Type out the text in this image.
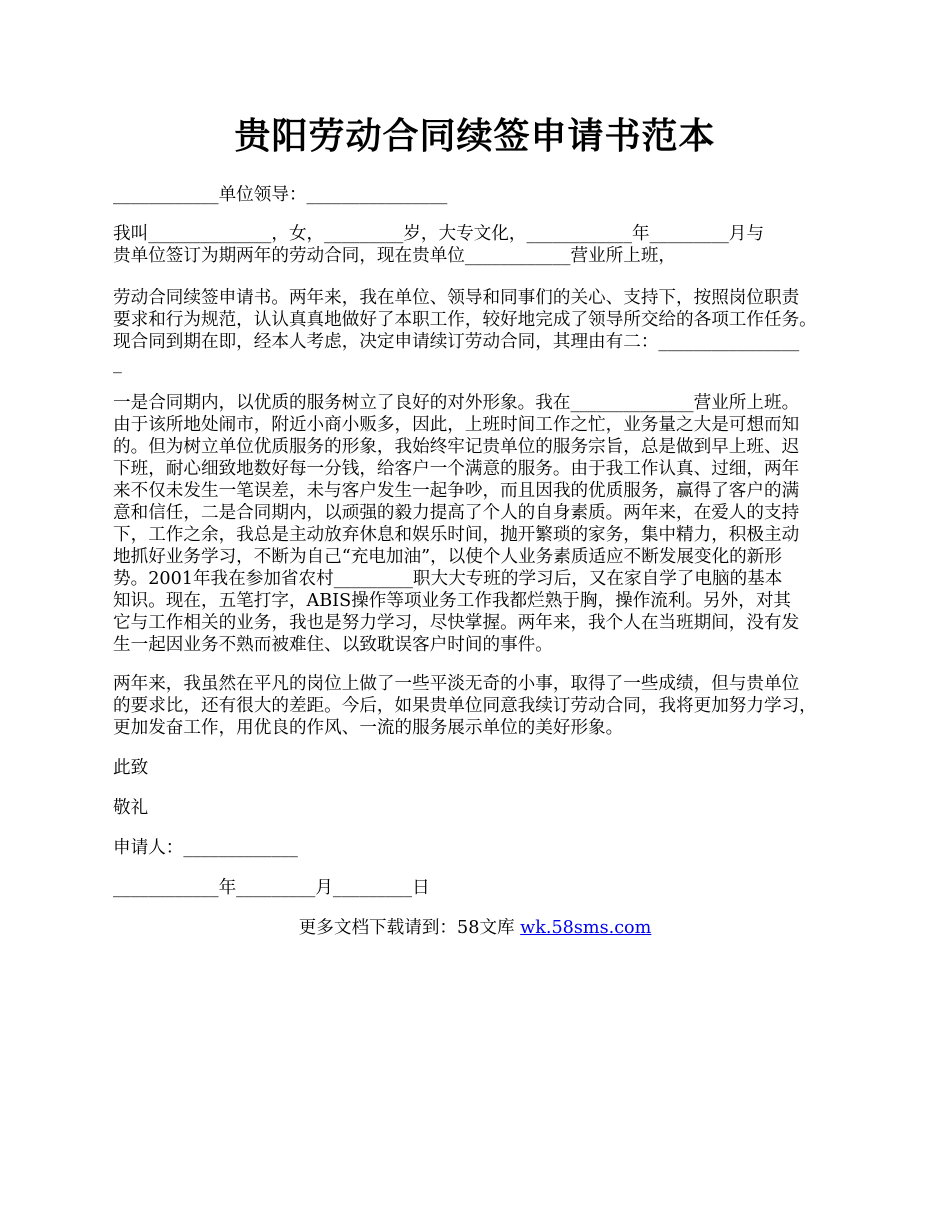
贵阳劳动合同续签申请书范本
____________单位领导：________________
我叫______________，女，_________岁，大专文化，____________年_________月与
贵单位签订为期两年的劳动合同，现在贵单位____________营业所上班，
劳动合同续签申请书。两年来，我在单位、领导和同事们的关心、支持下，按照岗位职责
要求和行为规范，认认真真地做好了本职工作，较好地完成了领导所交给的各项工作任务。
现合同到期在即，经本人考虑，决定申请续订劳动合同，其理由有二：________________
_
一是合同期内，以优质的服务树立了良好的对外形象。我在______________营业所上班。
由于该所地处闹市，附近小商小贩多，因此，上班时间工作之忙，业务量之大是可想而知
的。但为树立单位优质服务的形象，我始终牢记贵单位的服务宗旨，总是做到早上班、迟
下班，耐心细致地数好每一分钱，给客户一个满意的服务。由于我工作认真、过细，两年
来不仅未发生一笔误差，未与客户发生一起争吵，而且因我的优质服务，赢得了客户的满
意和信任，二是合同期内，以顽强的毅力提高了个人的自身素质。两年来，在爱人的支持
下，工作之余，我总是主动放弃休息和娱乐时间，抛开繁琐的家务，集中精力，积极主动
地抓好业务学习，不断为自己“充电加油”，以使个人业务素质适应不断发展变化的新形
势。2001年我在参加省农村_________职大大专班的学习后，又在家自学了电脑的基本
知识。现在，五笔打字，ABIS操作等项业务工作我都烂熟于胸，操作流利。另外，对其
它与工作相关的业务，我也是努力学习，尽快掌握。两年来，我个人在当班期间，没有发
生一起因业务不熟而被难住、以致耽误客户时间的事件。
两年来，我虽然在平凡的岗位上做了一些平淡无奇的小事，取得了一些成绩，但与贵单位
的要求比，还有很大的差距。今后，如果贵单位同意我续订劳动合同，我将更加努力学习，
更加发奋工作，用优良的作风、一流的服务展示单位的美好形象。
此致
敬礼
申请人：_____________
____________年_________月_________日
更多文档下载请到：58文库 wk.58sms.com
